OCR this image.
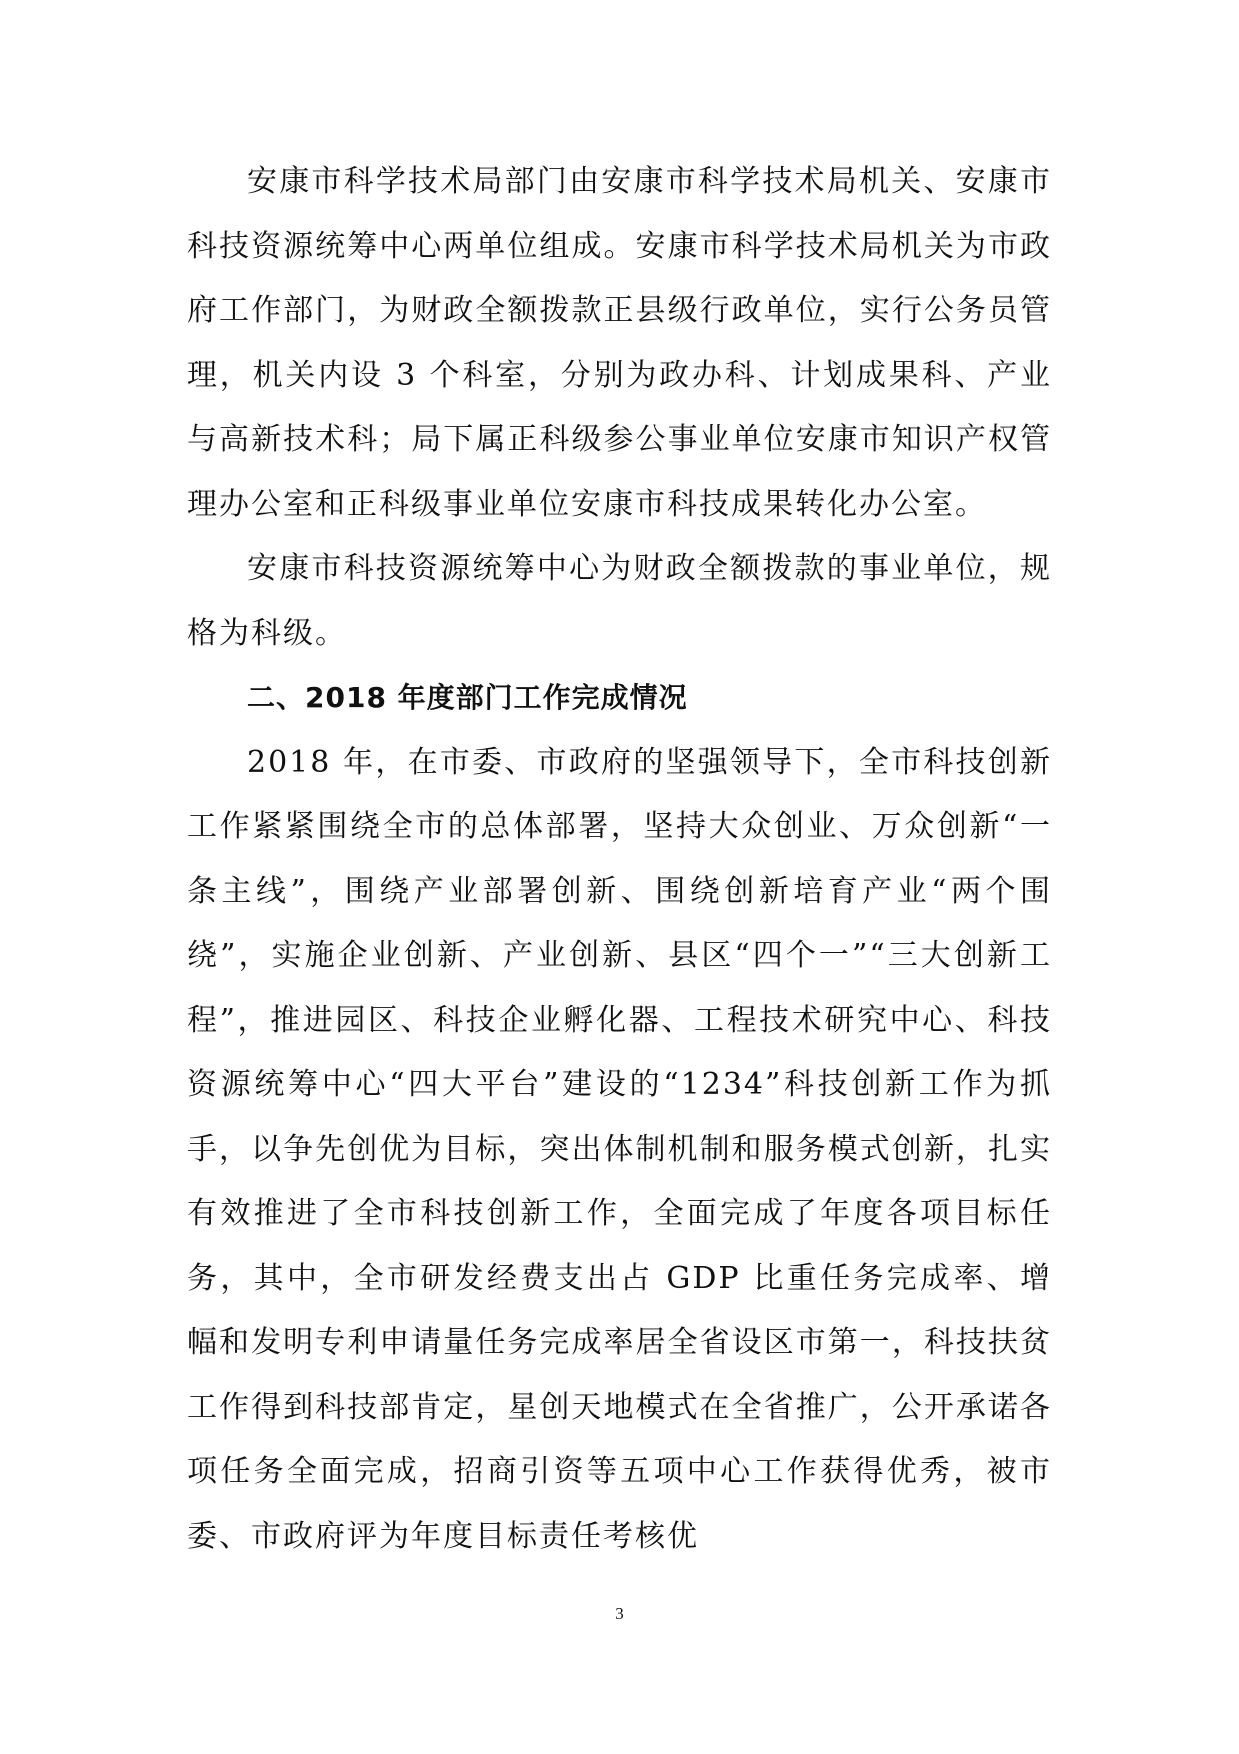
安康市科学技术局部门由安康市科学技术局机关、安康市科技资源统筹中心两单位组成。安康市科学技术局机关为市政府工作部门，为财政全额拨款正县级行政单位，实行公务员管理，机关内设 3 个科室，分别为政办科、计划成果科、产业与高新技术科；局下属正科级参公事业单位安康市知识产权管理办公室和正科级事业单位安康市科技成果转化办公室。

安康市科技资源统筹中心为财政全额拨款的事业单位，规格为科级。

二、2018 年度部门工作完成情况

2018 年，在市委、市政府的坚强领导下，全市科技创新工作紧紧围绕全市的总体部署，坚持大众创业、万众创新“一条主线”，围绕产业部署创新、围绕创新培育产业“两个围绕”，实施企业创新、产业创新、县区“四个一”“三大创新工程”，推进园区、科技企业孵化器、工程技术研究中心、科技资源统筹中心“四大平台”建设的“1234”科技创新工作为抓手，以争先创优为目标，突出体制机制和服务模式创新，扎实有效推进了全市科技创新工作，全面完成了年度各项目标任务，其中，全市研发经费支出占 GDP 比重任务完成率、增幅和发明专利申请量任务完成率居全省设区市第一，科技扶贫工作得到科技部肯定，星创天地模式在全省推广，公开承诺各项任务全面完成，招商引资等五项中心工作获得优秀，被市委、市政府评为年度目标责任考核优

3
